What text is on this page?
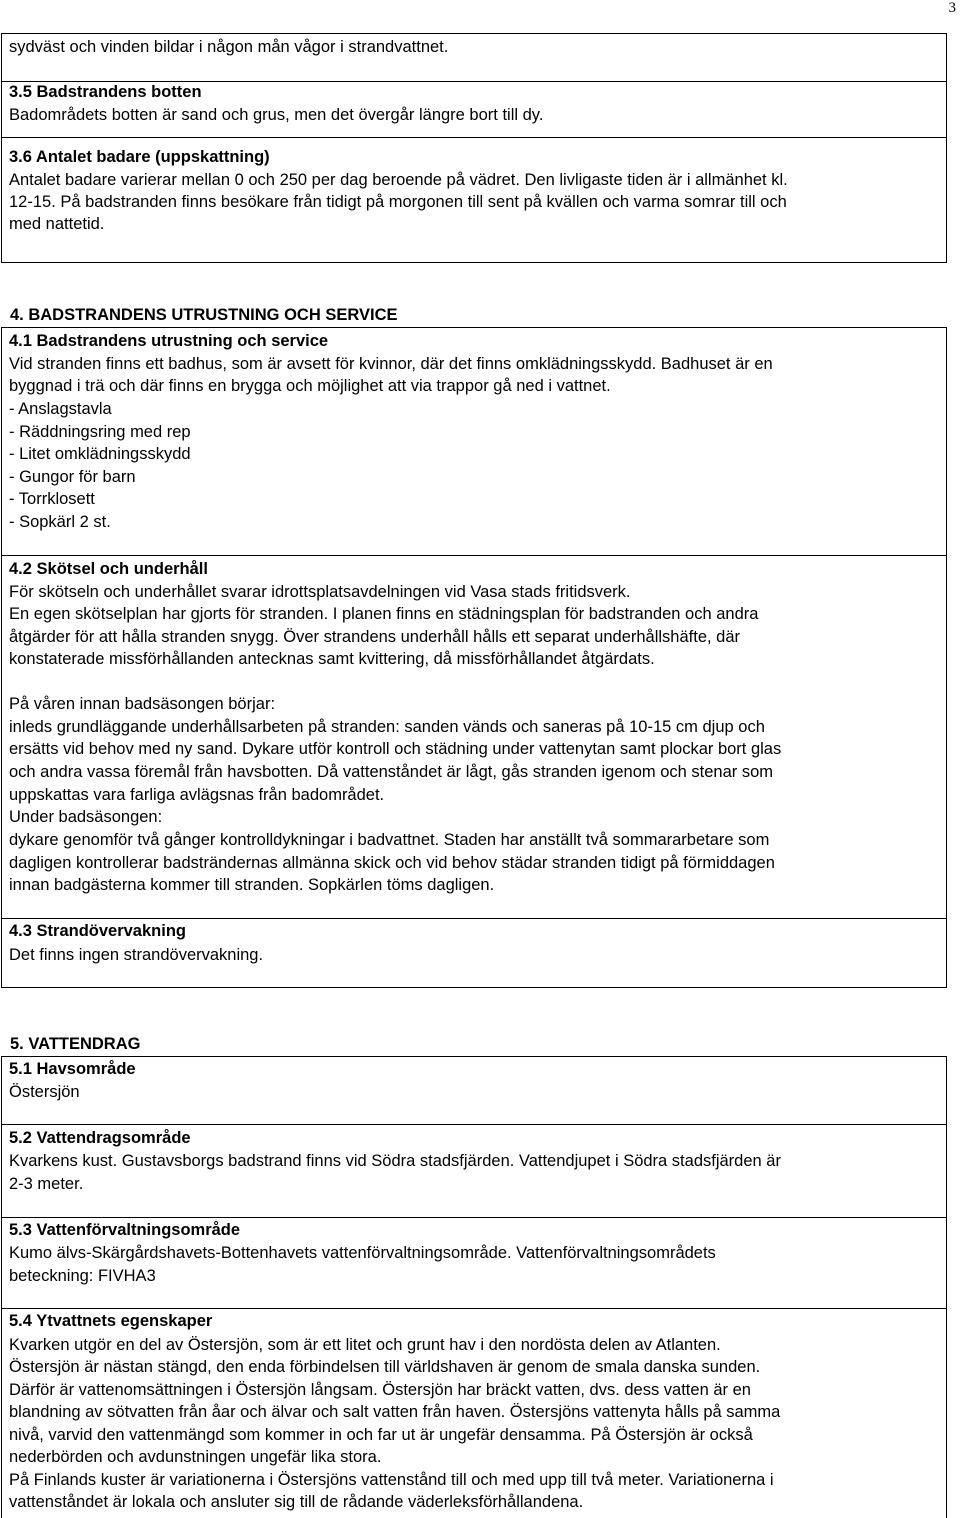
3
sydväst och vinden bildar i någon mån vågor i strandvattnet.
3.5 Badstrandens botten
Badområdets botten är sand och grus, men det övergår längre bort till dy.
3.6 Antalet badare (uppskattning)
Antalet badare varierar mellan 0 och 250 per dag beroende på vädret. Den livligaste tiden är i allmänhet kl.
12-15. På badstranden finns besökare från tidigt på morgonen till sent på kvällen och varma somrar till och
med nattetid.
4. BADSTRANDENS UTRUSTNING OCH SERVICE
4.1 Badstrandens utrustning och service
Vid stranden finns ett badhus, som är avsett för kvinnor, där det finns omklädningsskydd. Badhuset är en
byggnad i trä och där finns en brygga och möjlighet att via trappor gå ned i vattnet.
- Anslagstavla
- Räddningsring med rep
- Litet omklädningsskydd
- Gungor för barn
- Torrklosett
- Sopkärl 2 st.
4.2 Skötsel och underhåll
För skötseln och underhållet svarar idrottsplatsavdelningen vid Vasa stads fritidsverk.
En egen skötselplan har gjorts för stranden. I planen finns en städningsplan för badstranden och andra
åtgärder för att hålla stranden snygg. Över strandens underhåll hålls ett separat underhållshäfte, där
konstaterade missförhållanden antecknas samt kvittering, då missförhållandet åtgärdats.
På våren innan badsäsongen börjar:
inleds grundläggande underhållsarbeten på stranden: sanden vänds och saneras på 10-15 cm djup och
ersätts vid behov med ny sand. Dykare utför kontroll och städning under vattenytan samt plockar bort glas
och andra vassa föremål från havsbotten. Då vattenståndet är lågt, gås stranden igenom och stenar som
uppskattas vara farliga avlägsnas från badområdet.
Under badsäsongen:
dykare genomför två gånger kontrolldykningar i badvattnet. Staden har anställt två sommararbetare som
dagligen kontrollerar badsträndernas allmänna skick och vid behov städar stranden tidigt på förmiddagen
innan badgästerna kommer till stranden. Sopkärlen töms dagligen.
4.3 Strandövervakning
Det finns ingen strandövervakning.
5. VATTENDRAG
5.1 Havsområde
Östersjön
5.2 Vattendragsområde
Kvarkens kust. Gustavsborgs badstrand finns vid Södra stadsfjärden. Vattendjupet i Södra stadsfjärden är
2-3 meter.
5.3 Vattenförvaltningsområde
Kumo älvs-Skärgårdshavets-Bottenhavets vattenförvaltningsområde. Vattenförvaltningsområdets
beteckning: FIVHA3
5.4 Ytvattnets egenskaper
Kvarken utgör en del av Östersjön, som är ett litet och grunt hav i den nordösta delen av Atlanten.
Östersjön är nästan stängd, den enda förbindelsen till världshaven är genom de smala danska sunden.
Därför är vattenomsättningen i Östersjön långsam. Östersjön har bräckt vatten, dvs. dess vatten är en
blandning av sötvatten från åar och älvar och salt vatten från haven. Östersjöns vattenyta hålls på samma
nivå, varvid den vattenmängd som kommer in och far ut är ungefär densamma. På Östersjön är också
nederbörden och avdunstningen ungefär lika stora.
På Finlands kuster är variationerna i Östersjöns vattenstånd till och med upp till två meter. Variationerna i
vattenståndet är lokala och ansluter sig till de rådande väderleksförhållandena.
